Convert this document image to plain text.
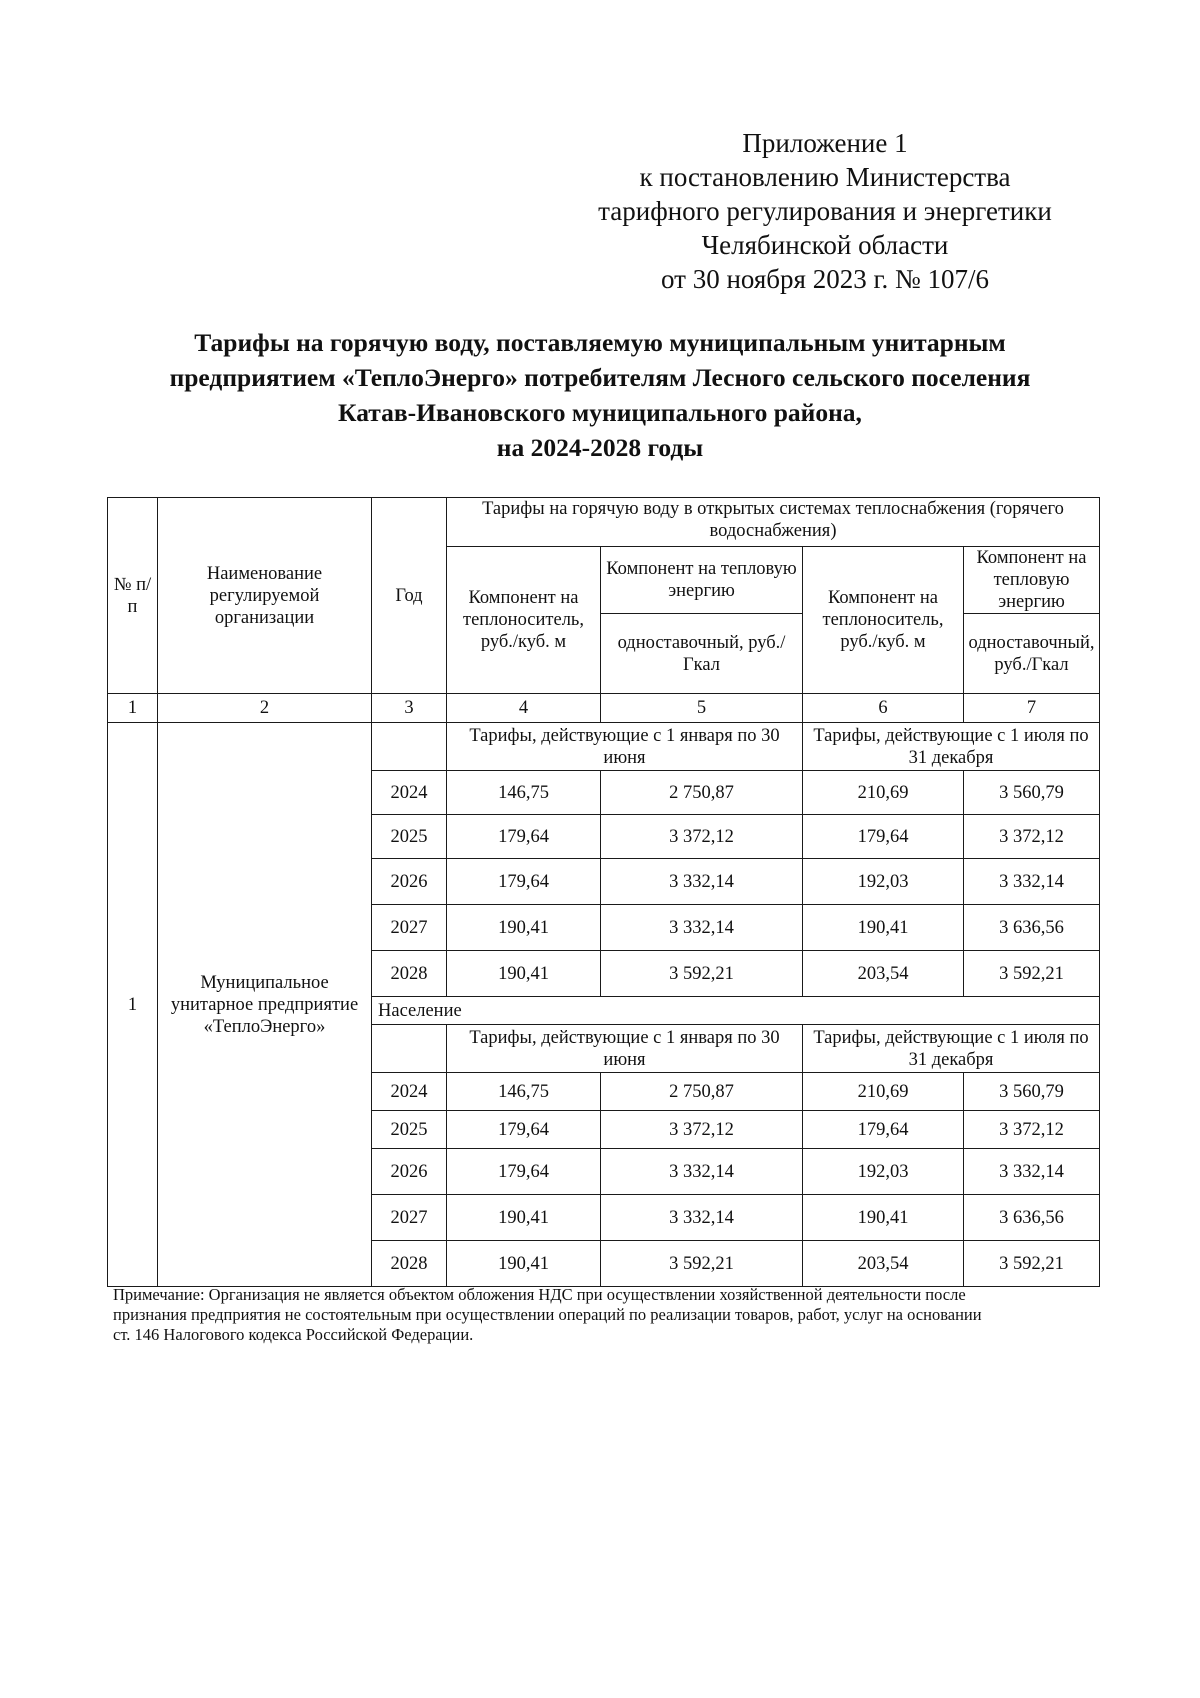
Приложение 1
к постановлению Министерства
тарифного регулирования и энергетики
Челябинской области
от 30 ноября 2023 г. № 107/6
Тарифы на горячую воду, поставляемую муниципальным унитарным
предприятием «ТеплоЭнерго» потребителям Лесного сельского поселения
Катав-Ивановского муниципального района,
на 2024-2028 годы
№ п/п	Наименование регулируемой организации	Год	Тарифы на горячую воду в открытых системах теплоснабжения (горячего водоснабжения)			
			Компонент на теплоноситель, руб./куб. м	Компонент на тепловую энергию	Компонент на теплоноситель, руб./куб. м	Компонент на тепловую энергию
				одноставочный, руб./Гкал		одноставочный, руб./Гкал
1	2	3	4	5	6	7
1	Муниципальное унитарное предприятие «ТеплоЭнерго»		Тарифы, действующие с 1 января по 30 июня		Тарифы, действующие с 1 июля по 31 декабря	
		2024	146,75	2 750,87	210,69	3 560,79
		2025	179,64	3 372,12	179,64	3 372,12
		2026	179,64	3 332,14	192,03	3 332,14
		2027	190,41	3 332,14	190,41	3 636,56
		2028	190,41	3 592,21	203,54	3 592,21
		Население				
			Тарифы, действующие с 1 января по 30 июня		Тарифы, действующие с 1 июля по 31 декабря	
		2024	146,75	2 750,87	210,69	3 560,79
		2025	179,64	3 372,12	179,64	3 372,12
		2026	179,64	3 332,14	192,03	3 332,14
		2027	190,41	3 332,14	190,41	3 636,56
		2028	190,41	3 592,21	203,54	3 592,21
Примечание: Организация не является объектом обложения НДС при осуществлении хозяйственной деятельности после
признания предприятия не состоятельным при осуществлении операций по реализации товаров, работ, услуг на основании
ст. 146 Налогового кодекса Российской Федерации.
